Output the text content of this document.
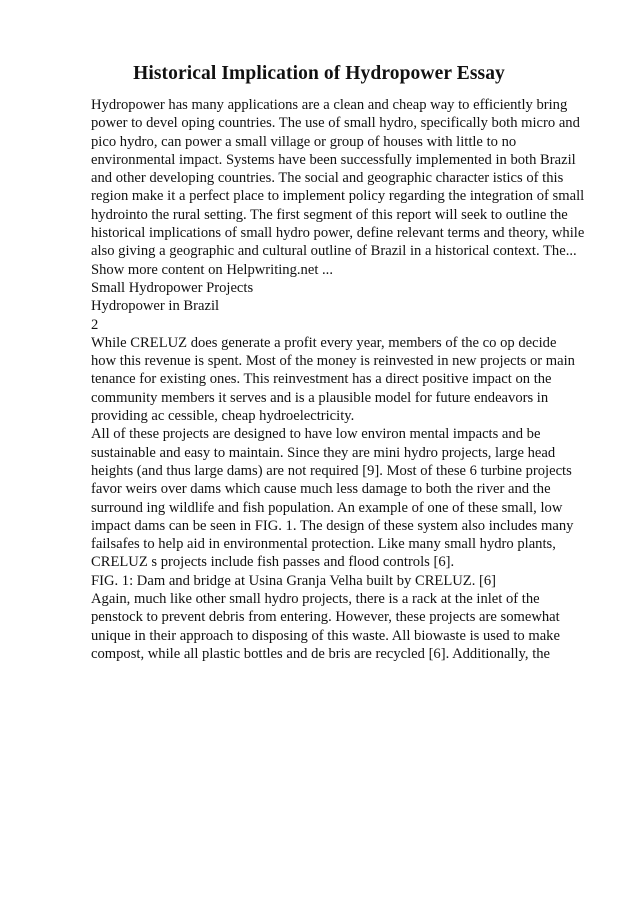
Historical Implication of Hydropower Essay
Hydropower has many applications are a clean and cheap way to efficiently bring
power to devel oping countries. The use of small hydro, specifically both micro and
pico hydro, can power a small village or group of houses with little to no
environmental impact. Systems have been successfully implemented in both Brazil
and other developing countries. The social and geographic character istics of this
region make it a perfect place to implement policy regarding the integration of small
hydrointo the rural setting. The first segment of this report will seek to outline the
historical implications of small hydro power, define relevant terms and theory, while
also giving a geographic and cultural outline of Brazil in a historical context. The...
Show more content on Helpwriting.net ...
Small Hydropower Projects
Hydropower in Brazil
2
While CRELUZ does generate a profit every year, members of the co op decide
how this revenue is spent. Most of the money is reinvested in new projects or main
tenance for existing ones. This reinvestment has a direct positive impact on the
community members it serves and is a plausible model for future endeavors in
providing ac cessible, cheap hydroelectricity.
All of these projects are designed to have low environ mental impacts and be
sustainable and easy to maintain. Since they are mini hydro projects, large head
heights (and thus large dams) are not required [9]. Most of these 6 turbine projects
favor weirs over dams which cause much less damage to both the river and the
surround ing wildlife and fish population. An example of one of these small, low
impact dams can be seen in FIG. 1. The design of these system also includes many
failsafes to help aid in environmental protection. Like many small hydro plants,
CRELUZ s projects include fish passes and flood controls [6].
FIG. 1: Dam and bridge at Usina Granja Velha built by CRELUZ. [6]
Again, much like other small hydro projects, there is a rack at the inlet of the
penstock to prevent debris from entering. However, these projects are somewhat
unique in their approach to disposing of this waste. All biowaste is used to make
compost, while all plastic bottles and de bris are recycled [6]. Additionally, the
